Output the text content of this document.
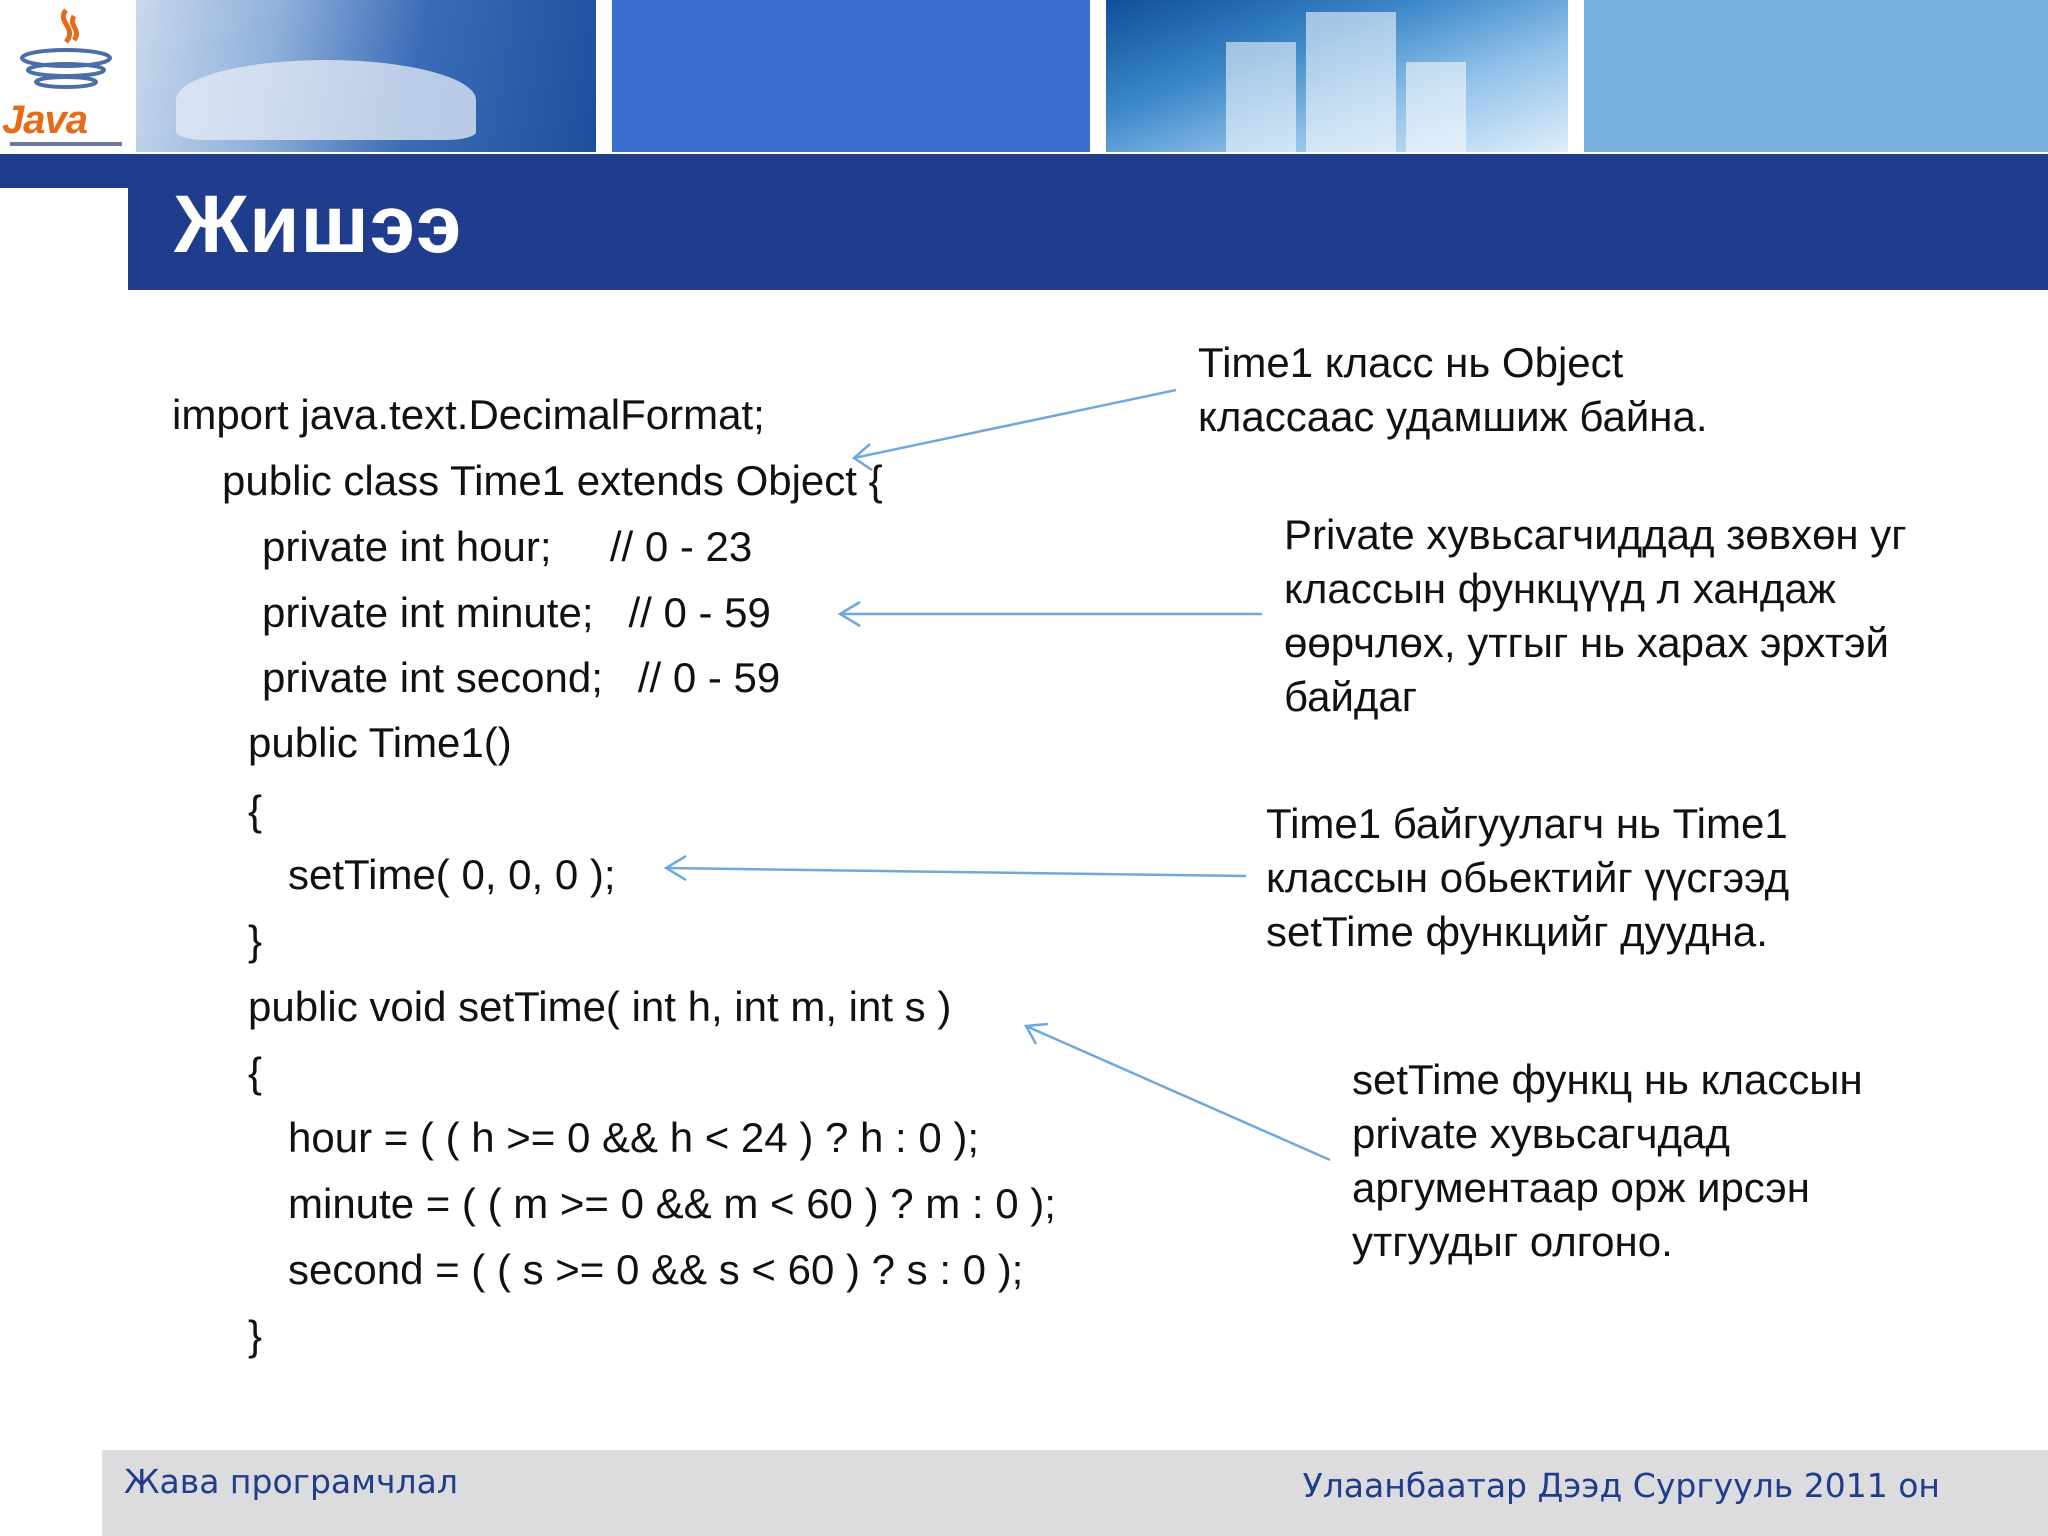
Java
Жишээ

import java.text.DecimalFormat;

public class Time1 extends Object {

private int hour;     // 0 - 23

private int minute;   // 0 - 59

private int second;   // 0 - 59

public Time1()

{

setTime( 0, 0, 0 );

}

public void setTime( int h, int m, int s )

{

hour = ( ( h >= 0 && h < 24 ) ? h : 0 );

minute = ( ( m >= 0 && m < 60 ) ? m : 0 );

second = ( ( s >= 0 && s < 60 ) ? s : 0 );

}

Time1 класс нь Object
классаас удамшиж байна.
Private хувьсагчиддад зөвхөн уг
классын функцүүд л хандаж
өөрчлөх, утгыг нь харах эрхтэй
байдаг
Time1 байгуулагч нь Time1
классын обьектийг үүсгээд
setTime функцийг дуудна.
setTime функц нь классын
private хувьсагчдад
аргументаар орж ирсэн
утгуудыг олгоно.
Жава програмчлал	Улаанбаатар Дээд Сургууль 2011 он
